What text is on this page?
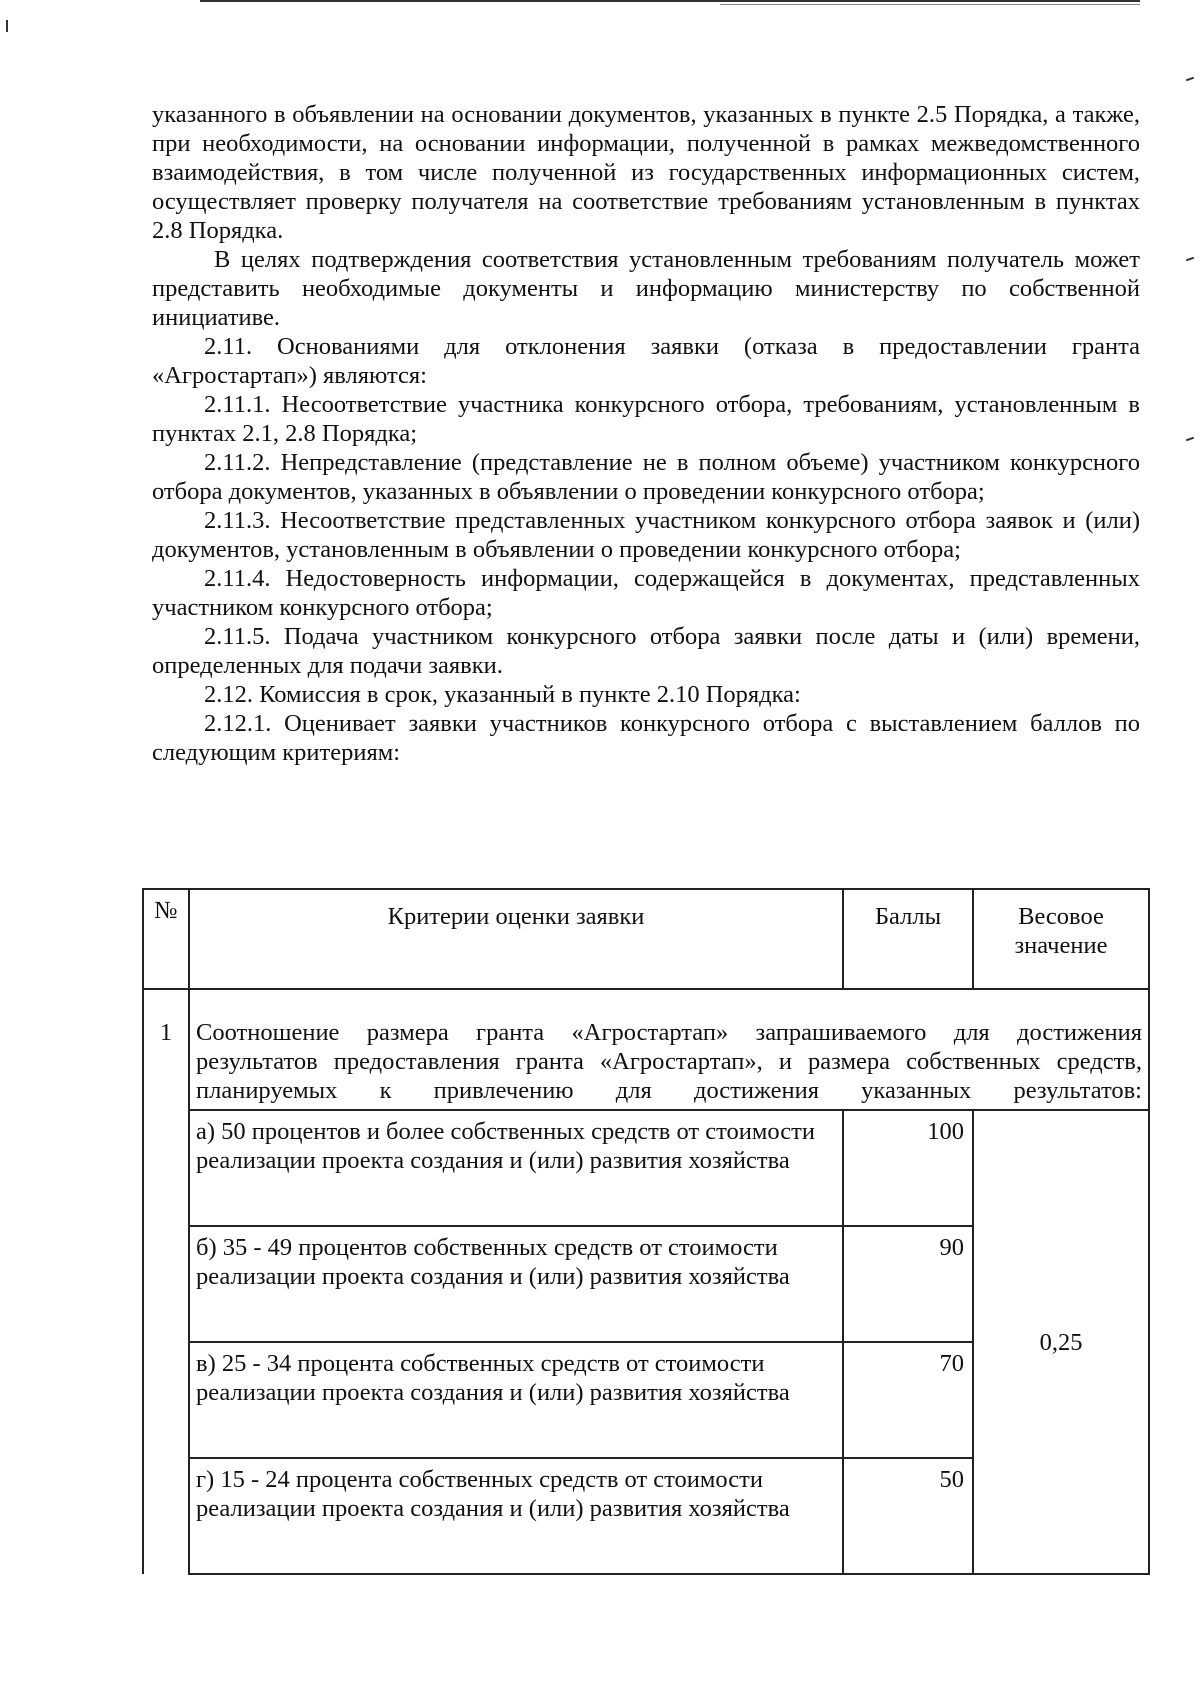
указанного в объявлении на основании документов, указанных в пункте 2.5 Порядка, а также, при необходимости, на основании информации, полученной в рамках межведомственного взаимодействия, в том числе полученной из государственных информационных систем, осуществляет проверку получателя на соответствие требованиям установленным в пунктах 2.8 Порядка.

В целях подтверждения соответствия установленным требованиям получатель может представить необходимые документы и информацию министерству по собственной инициативе.

2.11. Основаниями для отклонения заявки (отказа в предоставлении гранта «Агростартап») являются:

2.11.1. Несоответствие участника конкурсного отбора, требованиям, установленным в пунктах 2.1, 2.8 Порядка;

2.11.2. Непредставление (представление не в полном объеме) участником конкурсного отбора документов, указанных в объявлении о проведении конкурсного отбора;

2.11.3. Несоответствие представленных участником конкурсного отбора заявок и (или) документов, установленным в объявлении о проведении конкурсного отбора;

2.11.4. Недостоверность информации, содержащейся в документах, представленных участником конкурсного отбора;

2.11.5. Подача участником конкурсного отбора заявки после даты и (или) времени, определенных для подачи заявки.

2.12. Комиссия в срок, указанный в пункте 2.10 Порядка:

2.12.1. Оценивает заявки участников конкурсного отбора с выставлением баллов по следующим критериям:

№	Критерии оценки заявки	Баллы	Весовое значение
1	Соотношение размера гранта «Агростартап» запрашиваемого для достижения результатов предоставления гранта «Агростартап», и размера собственных средств, планируемых к привлечению для достижения указанных результатов:		
	а) 50 процентов и более собственных средств от стоимости реализации проекта создания и (или) развития хозяйства	100	0,25
	б) 35 - 49 процентов собственных средств от стоимости реализации проекта создания и (или) развития хозяйства	90	
	в) 25 - 34 процента собственных средств от стоимости реализации проекта создания и (или) развития хозяйства	70	
	г) 15 - 24 процента собственных средств от стоимости реализации проекта создания и (или) развития хозяйства	50	
